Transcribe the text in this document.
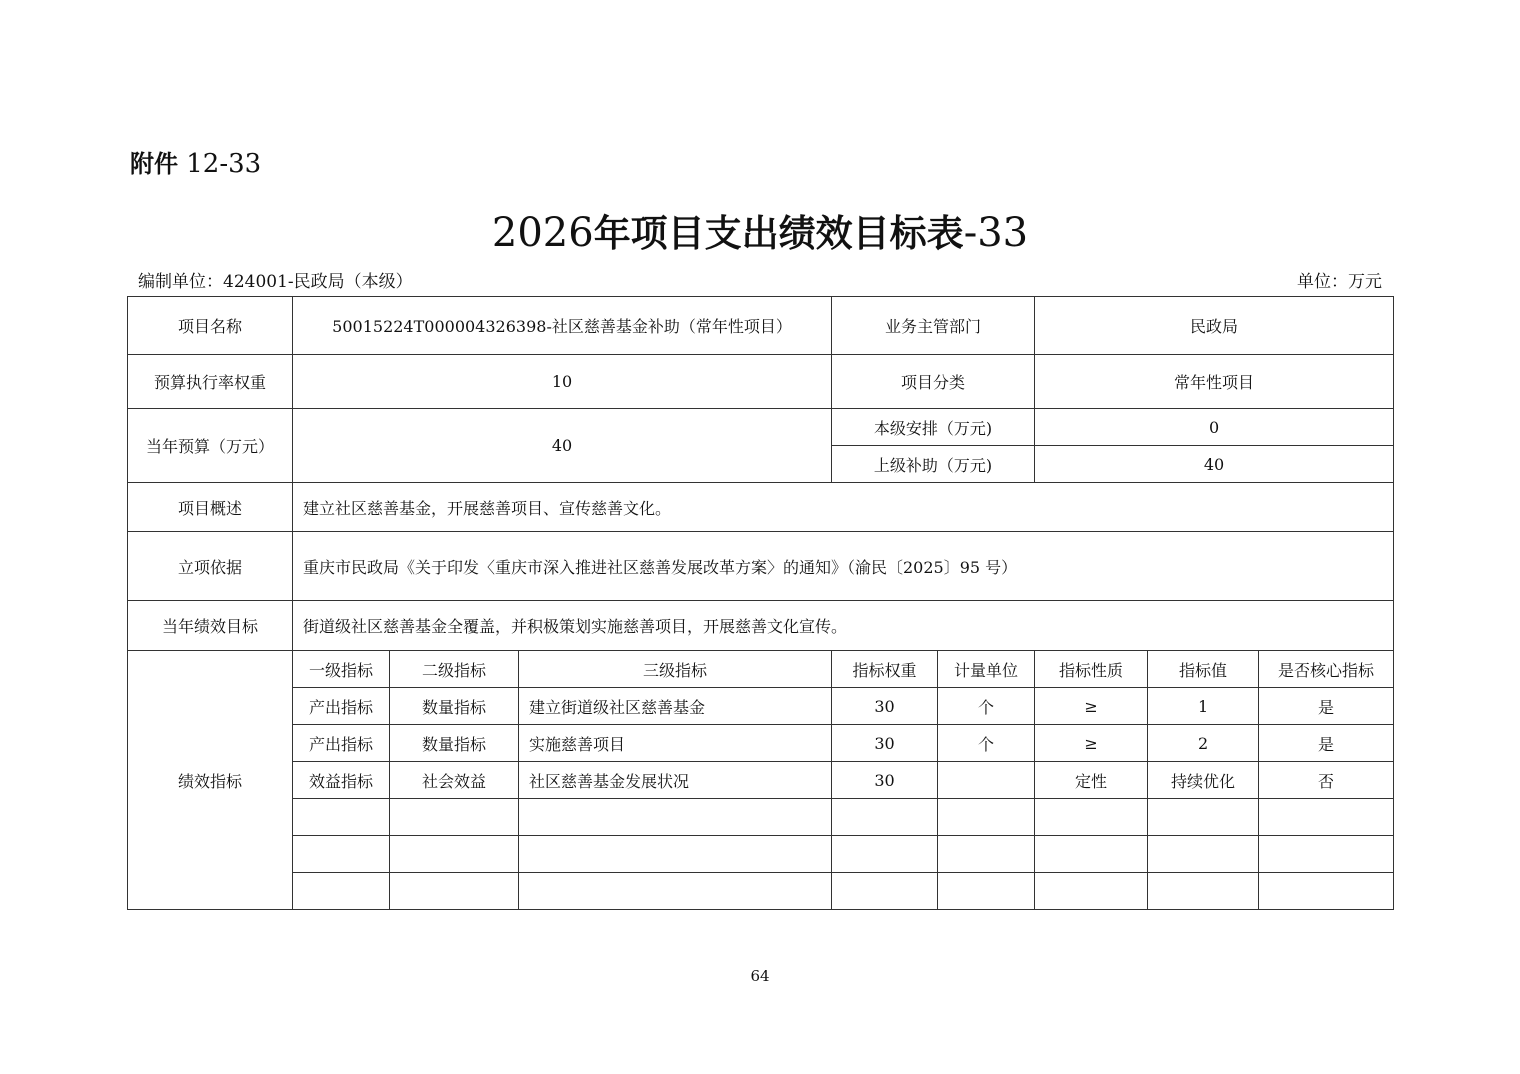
附件 12-33
2026年项目支出绩效目标表-33
编制单位：424001-民政局（本级）	单位：万元
项目名称	50015224T000004326398-社区慈善基金补助（常年性项目）			业务主管部门		民政局		
预算执行率权重	10			项目分类		常年性项目		
当年预算（万元）	40			本级安排（万元)		0		
				上级补助（万元)		40		
项目概述	建立社区慈善基金，开展慈善项目、宣传慈善文化。							
立项依据	重庆市民政局《关于印发〈重庆市深入推进社区慈善发展改革方案〉的通知》（渝民〔2025〕95 号）							
当年绩效目标	街道级社区慈善基金全覆盖，并积极策划实施慈善项目，开展慈善文化宣传。							
绩效指标	一级指标	二级指标	三级指标	指标权重	计量单位	指标性质	指标值	是否核心指标
	产出指标	数量指标	建立街道级社区慈善基金	30	个	≥	1	是
	产出指标	数量指标	实施慈善项目	30	个	≥	2	是
	效益指标	社会效益	社区慈善基金发展状况	30		定性	持续优化	否

64
